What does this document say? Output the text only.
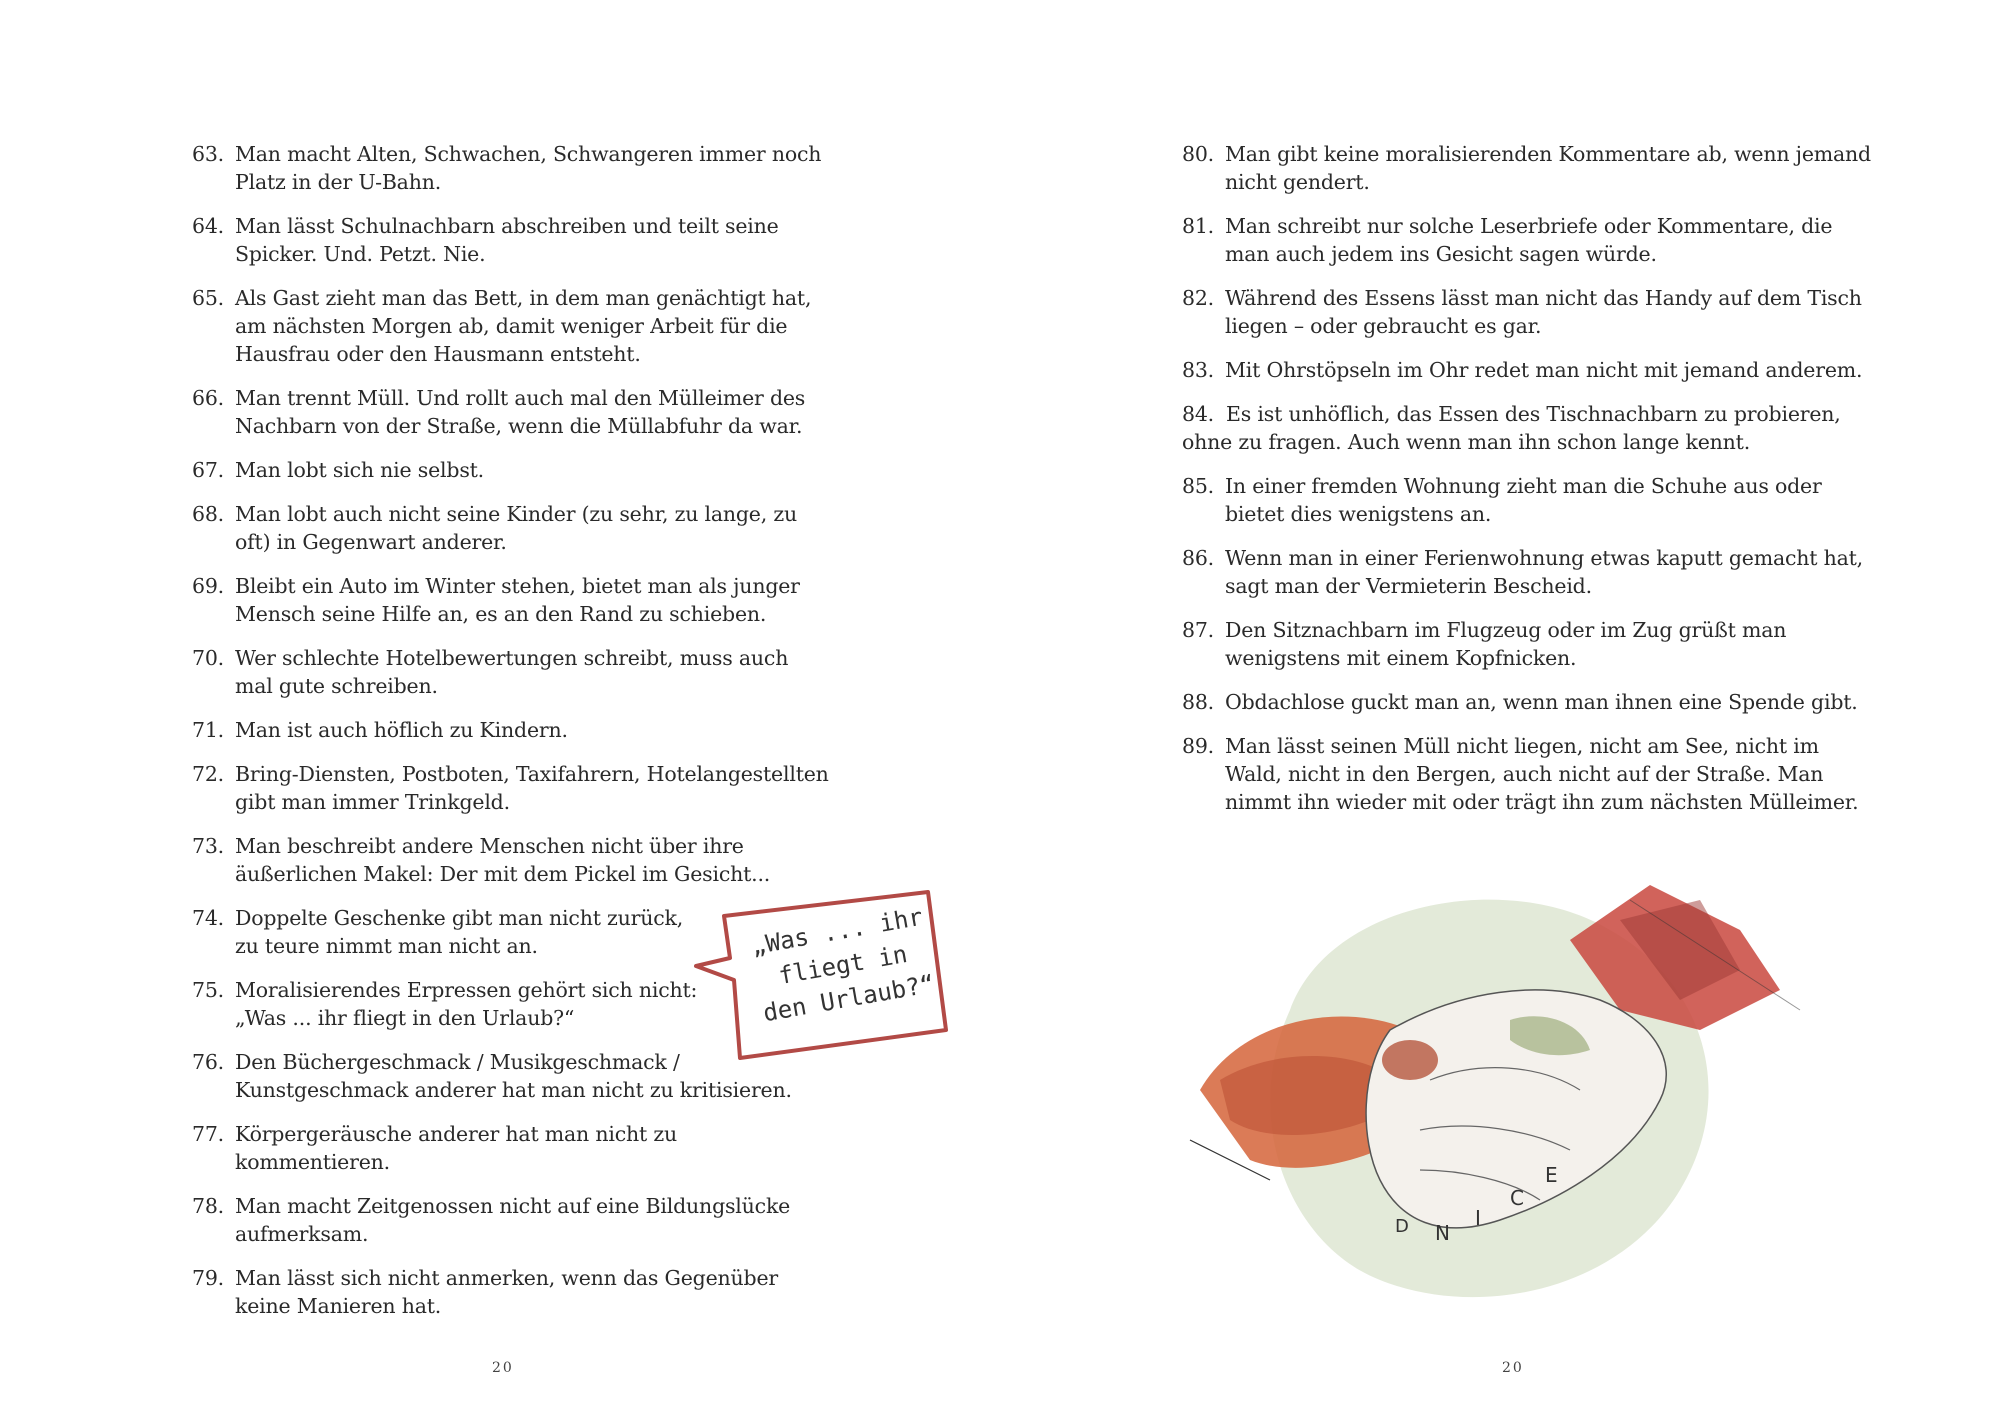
63. Man macht Alten, Schwachen, Schwangeren immer noch Platz in der U-Bahn.
64. Man lässt Schulnachbarn abschreiben und teilt seine Spicker. Und. Petzt. Nie.
65. Als Gast zieht man das Bett, in dem man genächtigt hat, am nächsten Morgen ab, damit weniger Arbeit für die Hausfrau oder den Hausmann entsteht.
66. Man trennt Müll. Und rollt auch mal den Mülleimer des Nachbarn von der Straße, wenn die Müllabfuhr da war.
67. Man lobt sich nie selbst.
68. Man lobt auch nicht seine Kinder (zu sehr, zu lange, zu oft) in Gegenwart anderer.
69. Bleibt ein Auto im Winter stehen, bietet man als junger Mensch seine Hilfe an, es an den Rand zu schieben.
70. Wer schlechte Hotelbewertungen schreibt, muss auch mal gute schreiben.
71. Man ist auch höflich zu Kindern.
72. Bring-Diensten, Postboten, Taxifahrern, Hotelangestellten gibt man immer Trinkgeld.
73. Man beschreibt andere Menschen nicht über ihre äußerlichen Makel: Der mit dem Pickel im Gesicht...
74. Doppelte Geschenke gibt man nicht zurück, zu teure nimmt man nicht an.
75. Moralisierendes Erpressen gehört sich nicht: „Was ... ihr fliegt in den Urlaub?“
76. Den Büchergeschmack / Musikgeschmack / Kunstgeschmack anderer hat man nicht zu kritisieren.
77. Körpergeräusche anderer hat man nicht zu kommentieren.
78. Man macht Zeitgenossen nicht auf eine Bildungslücke aufmerksam.
79. Man lässt sich nicht anmerken, wenn das Gegenüber keine Manieren hat.
„Was ... ihr
fliegt in
den Urlaub?“
20
80. Man gibt keine moralisierenden Kommentare ab, wenn jemand nicht gendert.
81. Man schreibt nur solche Leserbriefe oder Kommentare, die man auch jedem ins Gesicht sagen würde.
82. Während des Essens lässt man nicht das Handy auf dem Tisch liegen – oder gebraucht es gar.
83. Mit Ohrstöpseln im Ohr redet man nicht mit jemand anderem.
84. Es ist unhöflich, das Essen des Tischnachbarn zu probieren, ohne zu fragen. Auch wenn man ihn schon lange kennt.
85. In einer fremden Wohnung zieht man die Schuhe aus oder bietet dies wenigstens an.
86. Wenn man in einer Ferienwohnung etwas kaputt gemacht hat, sagt man der Vermieterin Bescheid.
87. Den Sitznachbarn im Flugzeug oder im Zug grüßt man wenigstens mit einem Kopfnicken.
88. Obdachlose guckt man an, wenn man ihnen eine Spende gibt.
89. Man lässt seinen Müll nicht liegen, nicht am See, nicht im Wald, nicht in den Bergen, auch nicht auf der Straße. Man nimmt ihn wieder mit oder trägt ihn zum nächsten Mülleimer.
N
I
C
E
D
20
